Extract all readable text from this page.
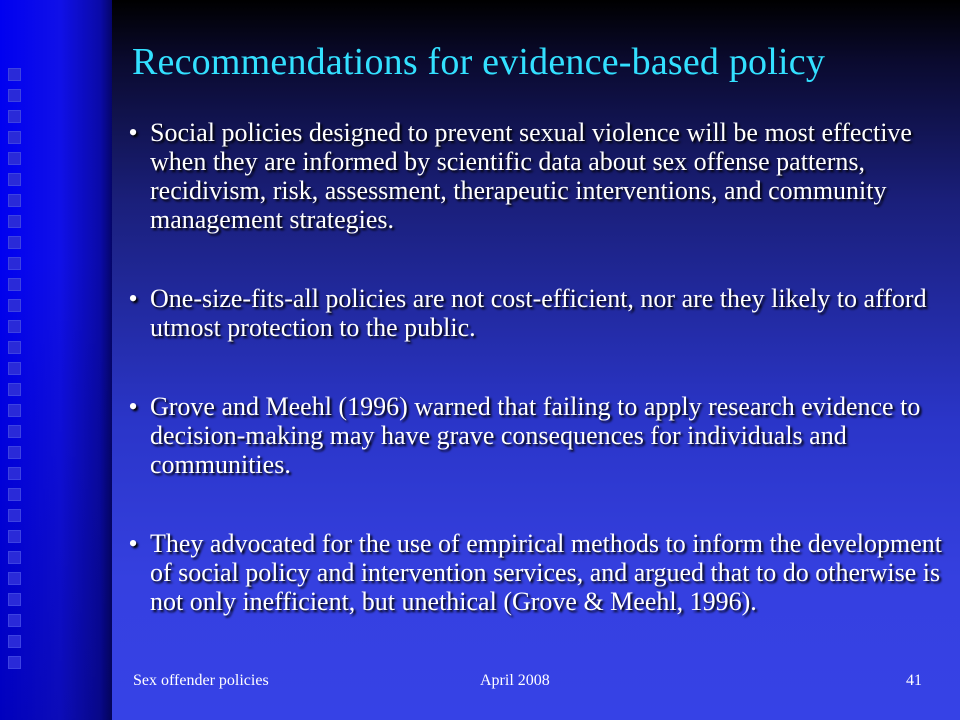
Recommendations for evidence-based policy
• Social policies designed to prevent sexual violence will be most effective when they are informed by scientific data about sex offense patterns, recidivism, risk, assessment, therapeutic interventions, and community management strategies.
• One-size-fits-all policies are not cost-efficient, nor are they likely to afford utmost protection to the public.
• Grove and Meehl (1996) warned that failing to apply research evidence to decision-making may have grave consequences for individuals and communities.
• They advocated for the use of empirical methods to inform the development of social policy and intervention services, and argued that to do otherwise is not only inefficient, but unethical (Grove & Meehl, 1996).
Sex offender policies	April 2008	41
